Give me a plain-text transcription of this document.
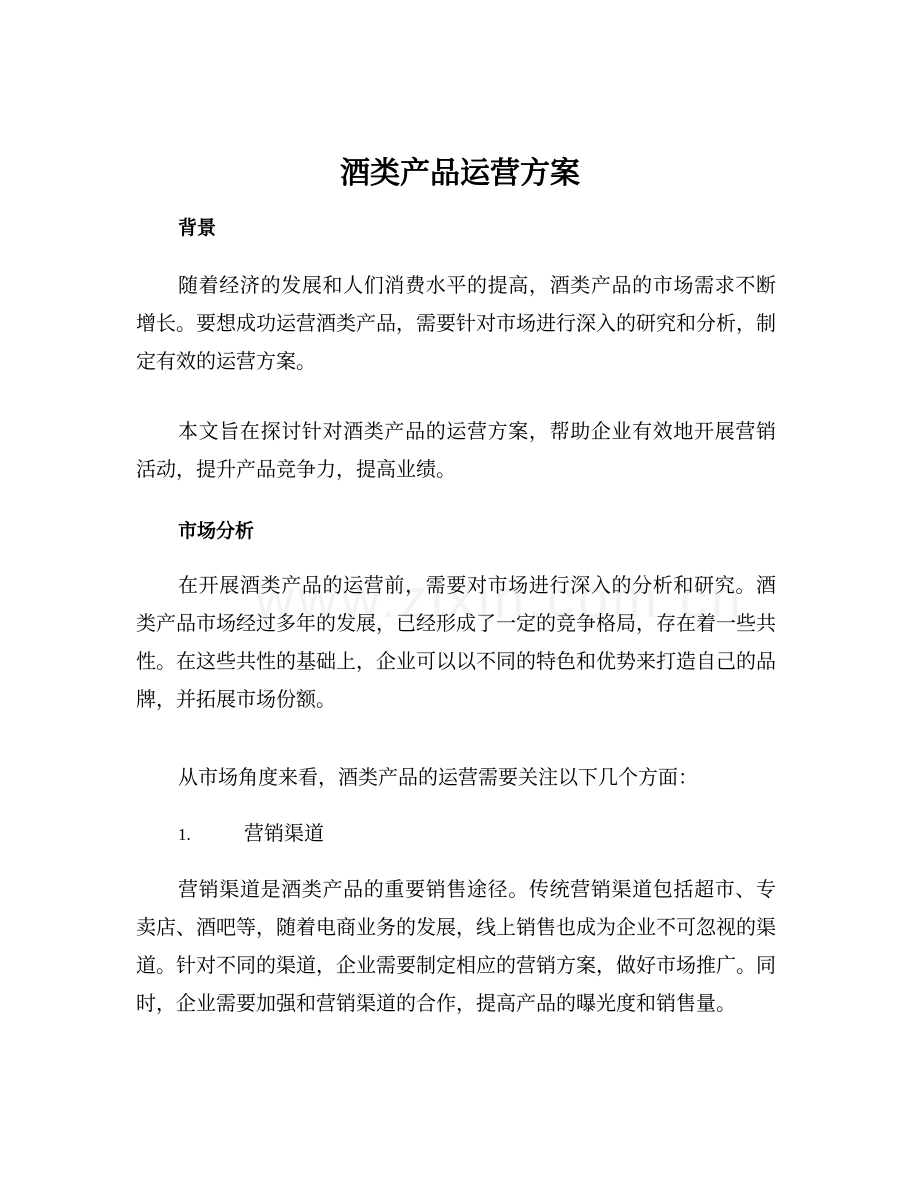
酒类产品运营方案
背景

随着经济的发展和人们消费水平的提高，酒类产品的市场需求不断增长。要想成功运营酒类产品，需要针对市场进行深入的研究和分析，制定有效的运营方案。

本文旨在探讨针对酒类产品的运营方案，帮助企业有效地开展营销活动，提升产品竞争力，提高业绩。

市场分析

在开展酒类产品的运营前，需要对市场进行深入的分析和研究。酒类产品市场经过多年的发展，已经形成了一定的竞争格局，存在着一些共性。在这些共性的基础上，企业可以以不同的特色和优势来打造自己的品牌，并拓展市场份额。

从市场角度来看，酒类产品的运营需要关注以下几个方面：

1.	营销渠道

营销渠道是酒类产品的重要销售途径。传统营销渠道包括超市、专卖店、酒吧等，随着电商业务的发展，线上销售也成为企业不可忽视的渠道。针对不同的渠道，企业需要制定相应的营销方案，做好市场推广。同时，企业需要加强和营销渠道的合作，提高产品的曝光度和销售量。
